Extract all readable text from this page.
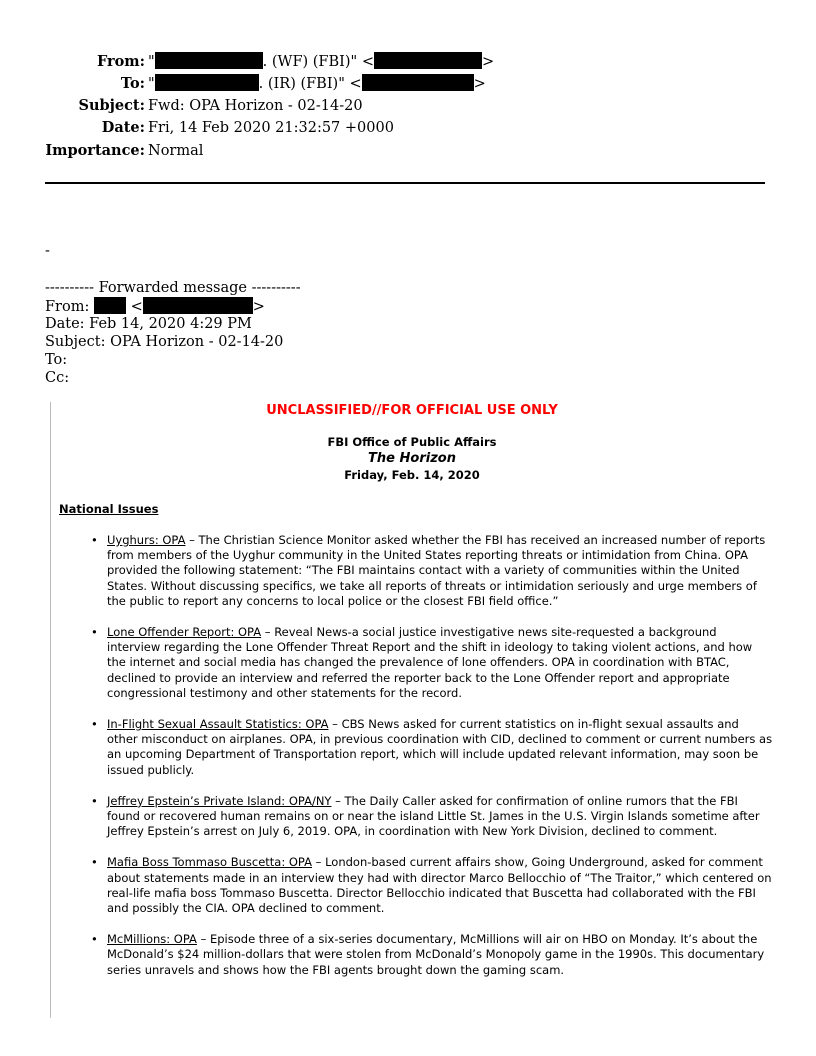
From: "	. (WF) (FBI)" <	>
To: "	. (IR) (FBI)" <	>
Subject: Fwd: OPA Horizon - 02-14-20
Date: Fri, 14 Feb 2020 21:32:57 +0000
Importance: Normal
-
---------- Forwarded message ----------
From:	<	>
Date: Feb 14, 2020 4:29 PM
Subject: OPA Horizon - 02-14-20
To:
Cc:
UNCLASSIFIED//FOR OFFICIAL USE ONLY
FBI Office of Public Affairs
The Horizon
Friday, Feb. 14, 2020
National Issues
• Uyghurs: OPA – The Christian Science Monitor asked whether the FBI has received an increased number of reports from members of the Uyghur community in the United States reporting threats or intimidation from China. OPA provided the following statement: “The FBI maintains contact with a variety of communities within the United States. Without discussing specifics, we take all reports of threats or intimidation seriously and urge members of the public to report any concerns to local police or the closest FBI field office.”
• Lone Offender Report: OPA – Reveal News-a social justice investigative news site-requested a background interview regarding the Lone Offender Threat Report and the shift in ideology to taking violent actions, and how the internet and social media has changed the prevalence of lone offenders. OPA in coordination with BTAC, declined to provide an interview and referred the reporter back to the Lone Offender report and appropriate congressional testimony and other statements for the record.
• In-Flight Sexual Assault Statistics: OPA – CBS News asked for current statistics on in-flight sexual assaults and other misconduct on airplanes. OPA, in previous coordination with CID, declined to comment or current numbers as an upcoming Department of Transportation report, which will include updated relevant information, may soon be issued publicly.
• Jeffrey Epstein’s Private Island: OPA/NY – The Daily Caller asked for confirmation of online rumors that the FBI found or recovered human remains on or near the island Little St. James in the U.S. Virgin Islands sometime after Jeffrey Epstein’s arrest on July 6, 2019. OPA, in coordination with New York Division, declined to comment.
• Mafia Boss Tommaso Buscetta: OPA – London-based current affairs show, Going Underground, asked for comment about statements made in an interview they had with director Marco Bellocchio of “The Traitor,” which centered on real-life mafia boss Tommaso Buscetta. Director Bellocchio indicated that Buscetta had collaborated with the FBI and possibly the CIA. OPA declined to comment.
• McMillions: OPA – Episode three of a six-series documentary, McMillions will air on HBO on Monday. It’s about the McDonald’s $24 million-dollars that were stolen from McDonald’s Monopoly game in the 1990s. This documentary series unravels and shows how the FBI agents brought down the gaming scam.
